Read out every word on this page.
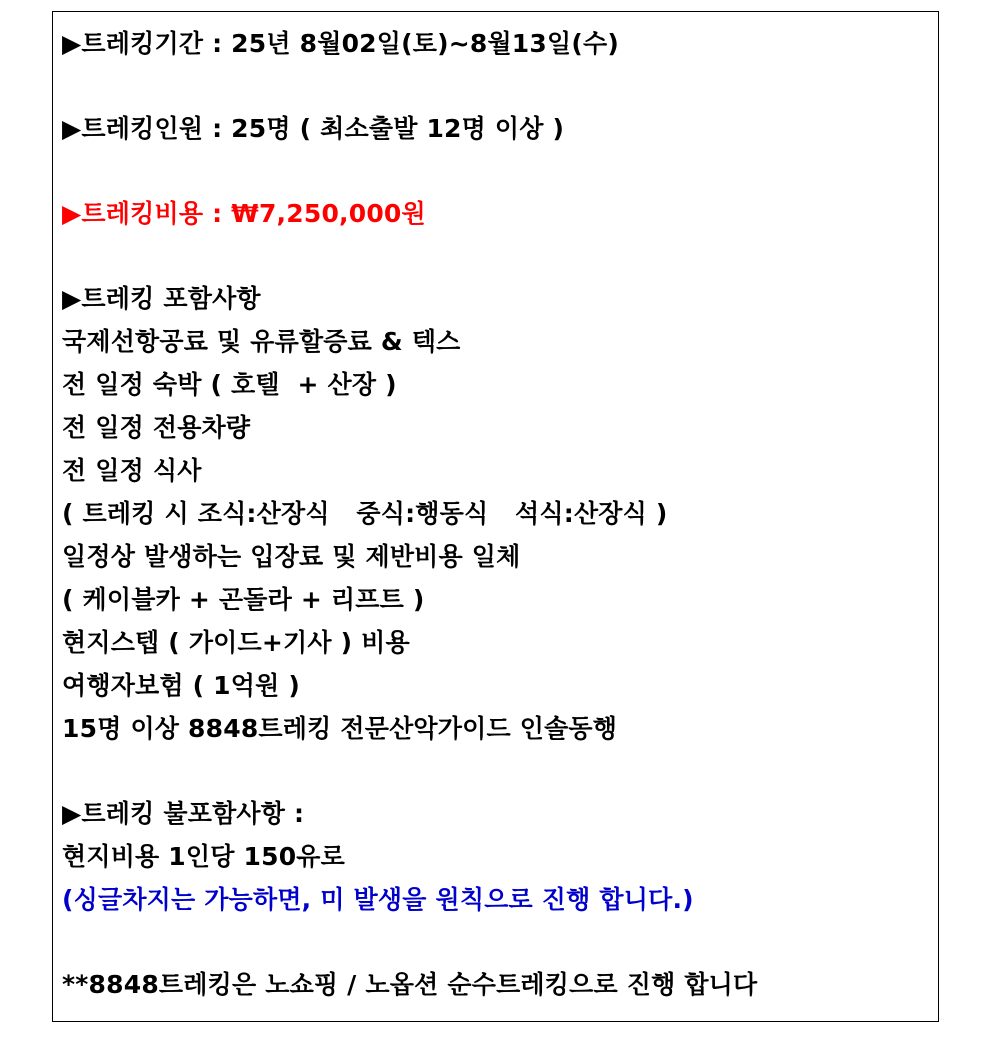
▶트레킹기간 : 25년 8월02일(토)~8월13일(수)
▶트레킹인원 : 25명 ( 최소출발 12명 이상 )
▶트레킹비용 : ₩7,250,000원
▶트레킹 포함사항
국제선항공료 및 유류할증료 & 텍스
전 일정 숙박 ( 호텔  + 산장 )
전 일정 전용차량
전 일정 식사
( 트레킹 시 조식:산장식   중식:행동식   석식:산장식 )
일정상 발생하는 입장료 및 제반비용 일체
( 케이블카 + 곤돌라 + 리프트 )
현지스텝 ( 가이드+기사 ) 비용
여행자보험 ( 1억원 )
15명 이상 8848트레킹 전문산악가이드 인솔동행
▶트레킹 불포함사항 :
현지비용 1인당 150유로
(싱글차지는 가능하면, 미 발생을 원칙으로 진행 합니다.)
**8848트레킹은 노쇼핑 / 노옵션 순수트레킹으로 진행 합니다
